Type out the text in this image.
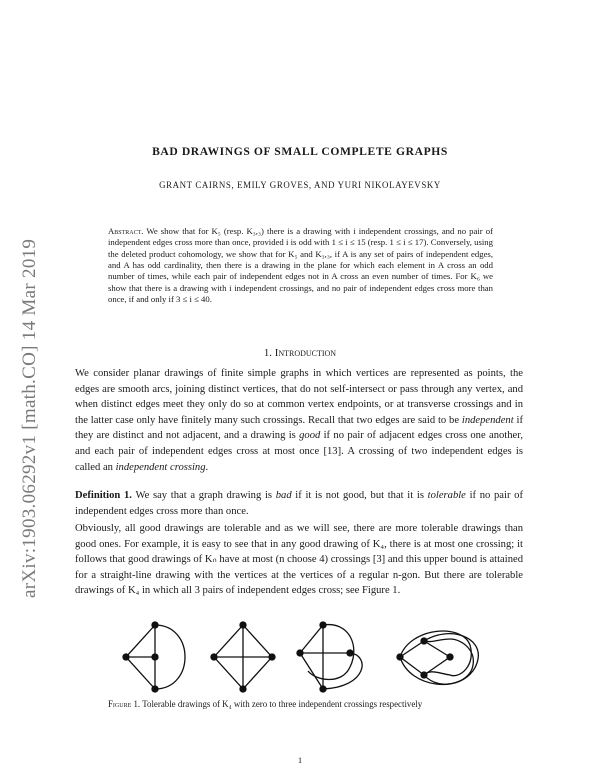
arXiv:1903.06292v1 [math.CO] 14 Mar 2019
BAD DRAWINGS OF SMALL COMPLETE GRAPHS
GRANT CAIRNS, EMILY GROVES, AND YURI NIKOLAYEVSKY
Abstract. We show that for K₅ (resp. K₃,₃) there is a drawing with i independent crossings, and no pair of independent edges cross more than once, provided i is odd with 1 ≤ i ≤ 15 (resp. 1 ≤ i ≤ 17). Conversely, using the deleted product cohomology, we show that for K₅ and K₃,₃, if A is any set of pairs of independent edges, and A has odd cardinality, then there is a drawing in the plane for which each element in A cross an odd number of times, while each pair of independent edges not in A cross an even number of times. For K₆ we show that there is a drawing with i independent crossings, and no pair of independent edges cross more than once, if and only if 3 ≤ i ≤ 40.
1. Introduction
We consider planar drawings of finite simple graphs in which vertices are represented as points, the edges are smooth arcs, joining distinct vertices, that do not self-intersect or pass through any vertex, and when distinct edges meet they only do so at common vertex endpoints, or at transverse crossings and in the latter case only have finitely many such crossings. Recall that two edges are said to be independent if they are distinct and not adjacent, and a drawing is good if no pair of adjacent edges cross one another, and each pair of independent edges cross at most once [13]. A crossing of two independent edges is called an independent crossing.
Definition 1. We say that a graph drawing is bad if it is not good, but that it is tolerable if no pair of independent edges cross more than once.
Obviously, all good drawings are tolerable and as we will see, there are more tolerable drawings than good ones. For example, it is easy to see that in any good drawing of K₄, there is at most one crossing; it follows that good drawings of Kₙ have at most (n choose 4) crossings [3] and this upper bound is attained for a straight-line drawing with the vertices at the vertices of a regular n-gon. But there are tolerable drawings of K₄ in which all 3 pairs of independent edges cross; see Figure 1.
Figure 1. Tolerable drawings of K₄ with zero to three independent crossings respectively
1
